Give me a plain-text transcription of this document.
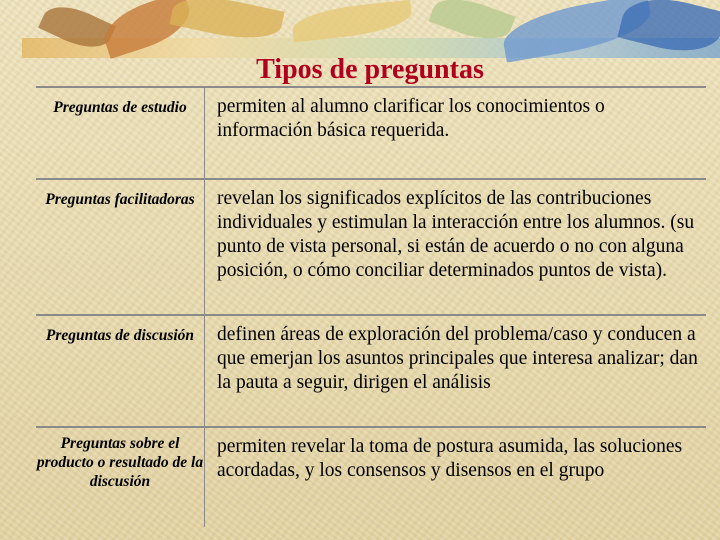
Tipos de preguntas
Preguntas de estudio	permiten al alumno clarificar los conocimientos o información básica requerida.
Preguntas facilitadoras	revelan los significados explícitos de las contribuciones individuales y estimulan la interacción entre los alumnos. (su punto de vista personal, si están de acuerdo o no con alguna posición, o cómo conciliar determinados puntos de vista).
Preguntas de discusión	definen áreas de exploración del problema/caso y conducen a que emerjan los asuntos principales que interesa analizar; dan la pauta a seguir, dirigen el análisis
Preguntas sobre el producto o resultado de la discusión	permiten revelar la toma de postura asumida, las soluciones acordadas, y los consensos y disensos en el grupo
